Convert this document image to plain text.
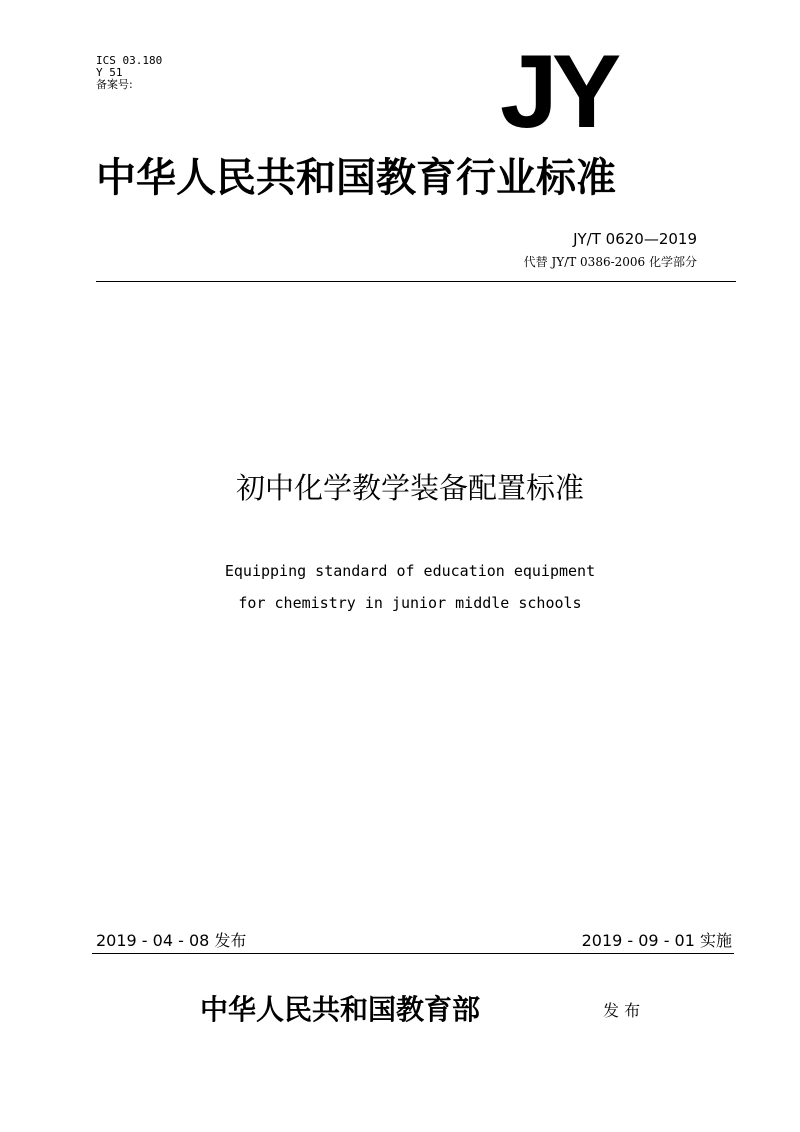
ICS 03.180
Y 51
备案号:	JY
中华人民共和国教育行业标准
JY/T 0620—2019
代替 JY/T 0386-2006 化学部分
初中化学教学装备配置标准
Equipping standard of education equipment
for chemistry in junior middle schools
2019 - 04 - 08 发布	2019 - 09 - 01 实施
中华人民共和国教育部	发 布
